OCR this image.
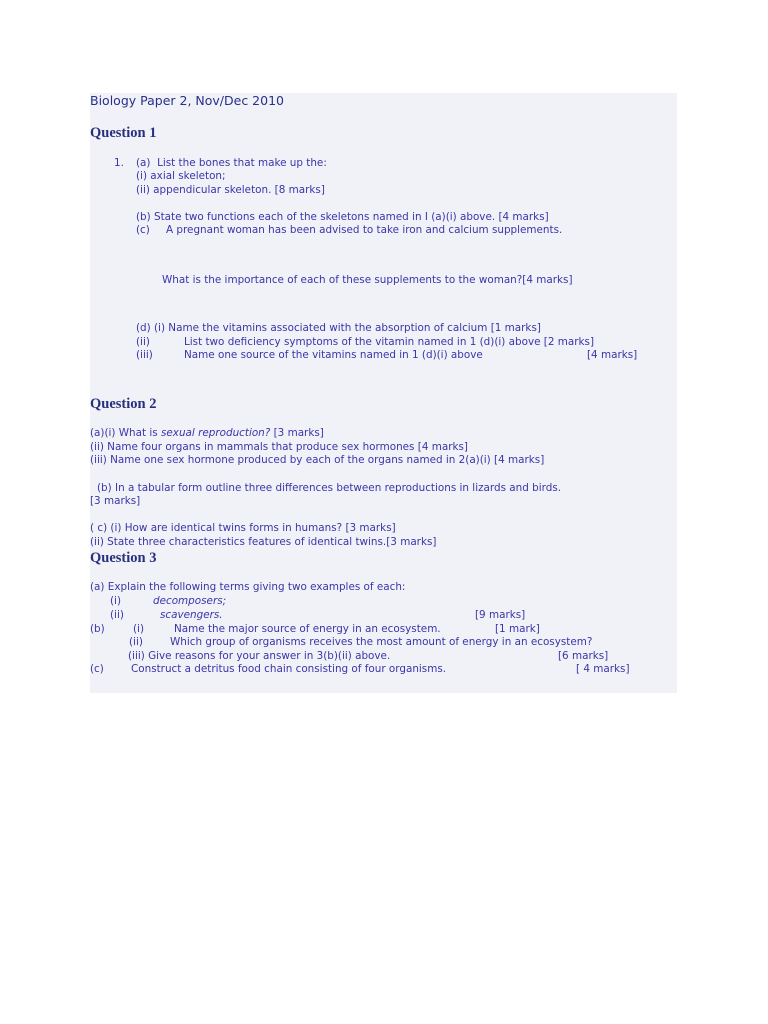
Biology Paper 2, Nov/Dec 2010
Question 1
1. (a)  List the bones that make up the:
(i) axial skeleton;
(ii) appendicular skeleton. [8 marks]
(b) State two functions each of the skeletons named in I (a)(i) above. [4 marks]
(c) A pregnant woman has been advised to take iron and calcium supplements.
What is the importance of each of these supplements to the woman?[4 marks]
(d) (i) Name the vitamins associated with the absorption of calcium [1 marks]
(ii)	List two deficiency symptoms of the vitamin named in 1 (d)(i) above [2 marks]
(iii)	Name one source of the vitamins named in 1 (d)(i) above	[4 marks]
Question 2
(a)(i) What is sexual reproduction? [3 marks]
(ii) Name four organs in mammals that produce sex hormones [4 marks]
(iii) Name one sex hormone produced by each of the organs named in 2(a)(i) [4 marks]
(b) In a tabular form outline three differences between reproductions in lizards and birds.
[3 marks]
( c) (i) How are identical twins forms in humans? [3 marks]
(ii) State three characteristics features of identical twins.[3 marks]
Question 3
(a) Explain the following terms giving two examples of each:
(i)	decomposers;
(ii)	scavengers.	[9 marks]
(b)	(i)	Name the major source of energy in an ecosystem.	[1 mark]
(ii)	Which group of organisms receives the most amount of energy in an ecosystem?
(iii) Give reasons for your answer in 3(b)(ii) above.	[6 marks]
(c)	Construct a detritus food chain consisting of four organisms.	[ 4 marks]
